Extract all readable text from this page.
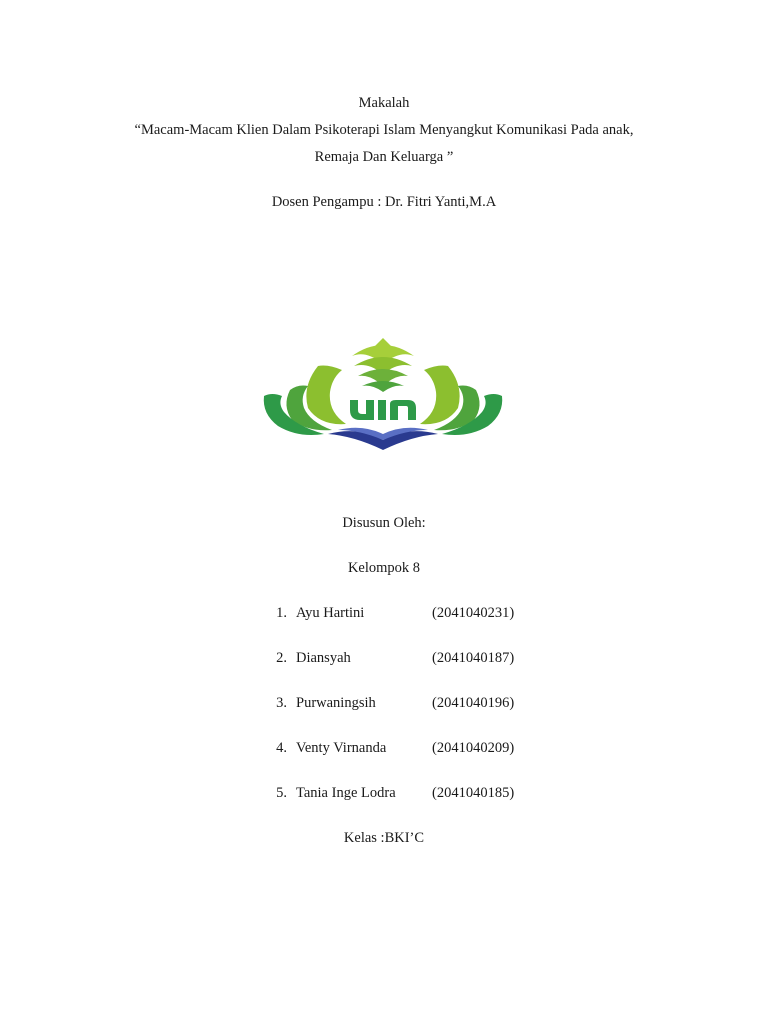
Makalah
“Macam-Macam Klien Dalam Psikoterapi Islam Menyangkut Komunikasi Pada anak,
Remaja Dan Keluarga ”
Dosen Pengampu : Dr. Fitri Yanti,M.A
Disusun Oleh:
Kelompok 8
1. Ayu Hartini	(2041040231)
2. Diansyah	(2041040187)
3. Purwaningsih	(2041040196)
4. Venty Virnanda	(2041040209)
5. Tania Inge Lodra	(2041040185)
Kelas :BKI’C
